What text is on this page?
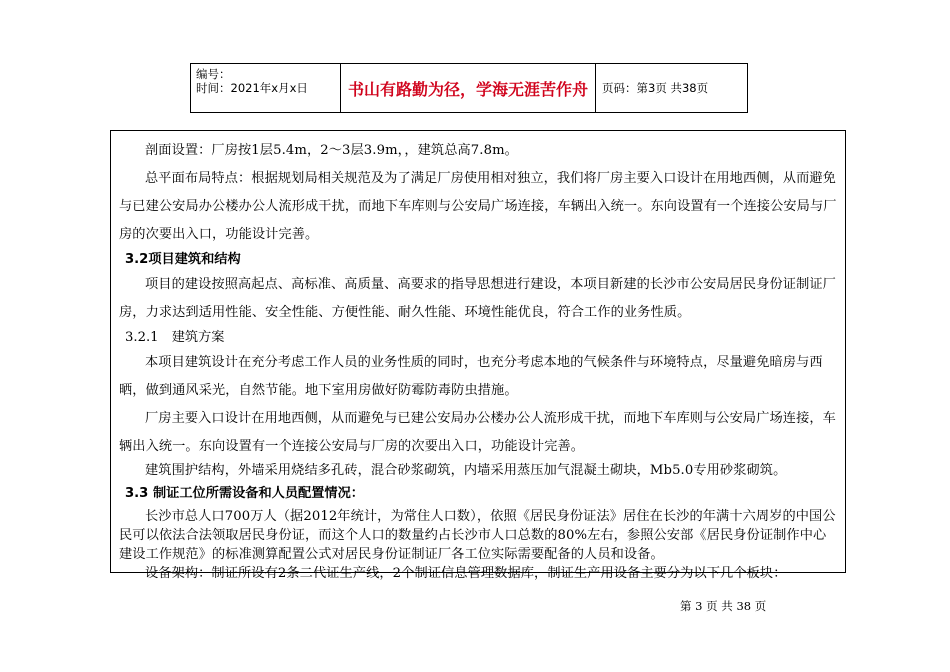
编号：
时间：2021年x月x日	书山有路勤为径，学海无涯苦作舟	页码：第3页 共38页

剖面设置：厂房按1层5.4m，2～3层3.9m，，建筑总高7.8m。

总平面布局特点：根据规划局相关规范及为了满足厂房使用相对独立，我们将厂房主要入口设计在用地西侧，从而避免与已建公安局办公楼办公人流形成干扰，而地下车库则与公安局广场连接，车辆出入统一。东向设置有一个连接公安局与厂房的次要出入口，功能设计完善。

3.2项目建筑和结构

项目的建设按照高起点、高标准、高质量、高要求的指导思想进行建设，本项目新建的长沙市公安局居民身份证制证厂房，力求达到适用性能、安全性能、方便性能、耐久性能、环境性能优良，符合工作的业务性质。

3.2.1　建筑方案

本项目建筑设计在充分考虑工作人员的业务性质的同时，也充分考虑本地的气候条件与环境特点，尽量避免暗房与西晒，做到通风采光，自然节能。地下室用房做好防霉防毒防虫措施。

厂房主要入口设计在用地西侧，从而避免与已建公安局办公楼办公人流形成干扰，而地下车库则与公安局广场连接，车辆出入统一。东向设置有一个连接公安局与厂房的次要出入口，功能设计完善。

建筑围护结构，外墙采用烧结多孔砖，混合砂浆砌筑，内墙采用蒸压加气混凝土砌块，Mb5.0专用砂浆砌筑。

3.3 制证工位所需设备和人员配置情况：

长沙市总人口700万人（据2012年统计，为常住人口数），依照《居民身份证法》居住在长沙的年满十六周岁的中国公民可以依法合法领取居民身份证，而这个人口的数量约占长沙市人口总数的80%左右，参照公安部《居民身份证制作中心建设工作规范》的标准测算配置公式对居民身份证制证厂各工位实际需要配备的人员和设备。

设备架构：制证所设有2条二代证生产线，2个制证信息管理数据库，制证生产用设备主要分为以下几个板块：

第 3 页 共 38 页
